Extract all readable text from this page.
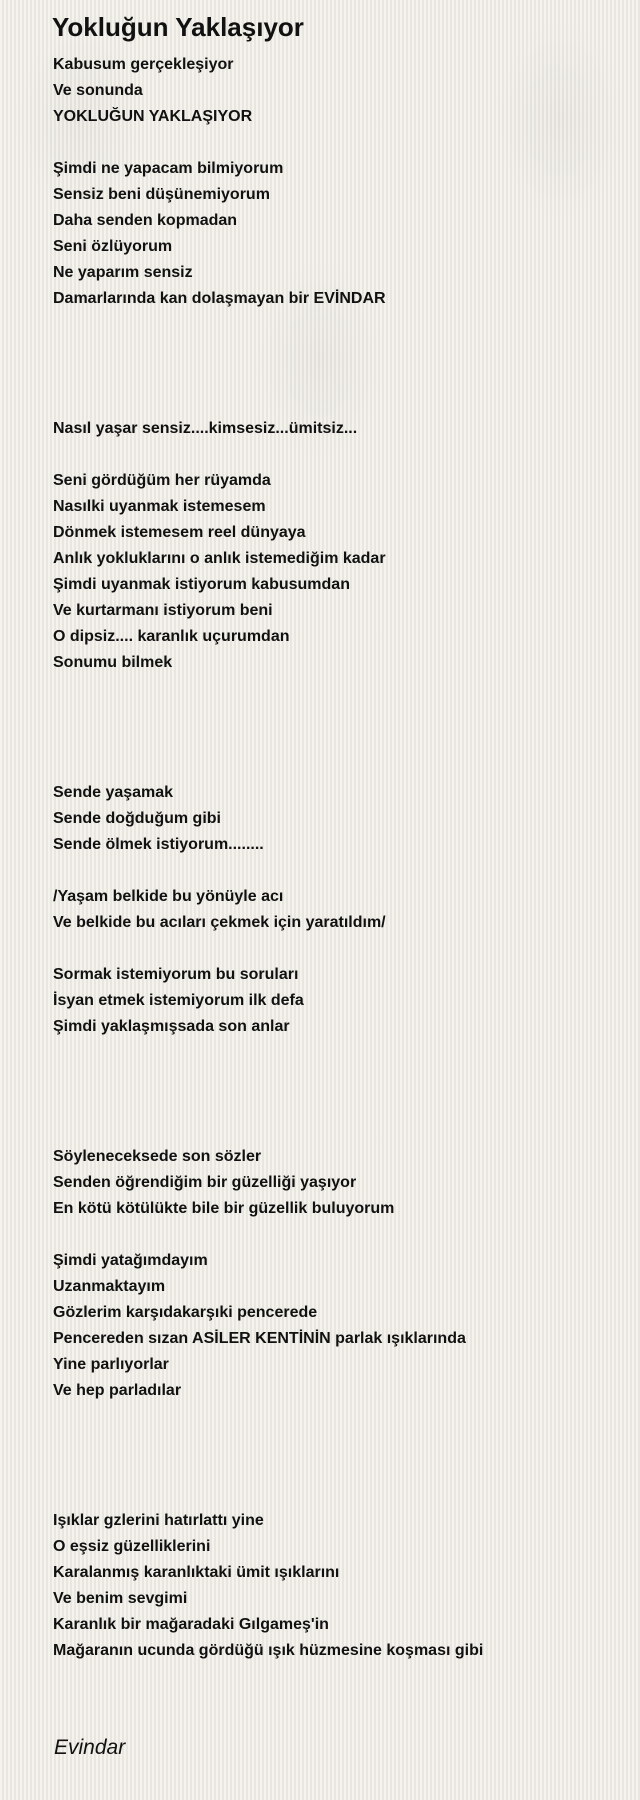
Yokluğun Yaklaşıyor
Kabusum gerçekleşiyor
Ve sonunda
YOKLUĞUN YAKLAŞIYOR
Şimdi ne yapacam bilmiyorum
Sensiz beni düşünemiyorum
Daha senden kopmadan
Seni özlüyorum
Ne yaparım sensiz
Damarlarında kan dolaşmayan bir EVİNDAR
Nasıl yaşar sensiz....kimsesiz...ümitsiz...
Seni gördüğüm her rüyamda
Nasılki uyanmak istemesem
Dönmek istemesem reel dünyaya
Anlık yokluklarını o anlık istemediğim kadar
Şimdi uyanmak istiyorum kabusumdan
Ve kurtarmanı istiyorum beni
O dipsiz.... karanlık uçurumdan
Sonumu bilmek
Sende yaşamak
Sende doğduğum gibi
Sende ölmek istiyorum........
/Yaşam belkide bu yönüyle acı
Ve belkide bu acıları çekmek için yaratıldım/
Sormak istemiyorum bu soruları
İsyan etmek istemiyorum ilk defa
Şimdi yaklaşmışsada son anlar
Söyleneceksede son sözler
Senden öğrendiğim bir güzelliği yaşıyor
En kötü kötülükte bile bir güzellik buluyorum
Şimdi yatağımdayım
Uzanmaktayım
Gözlerim karşıdakarşıki pencerede
Pencereden sızan ASİLER KENTİNİN parlak ışıklarında
Yine parlıyorlar
Ve hep parladılar
Işıklar gzlerini hatırlattı yine
O eşsiz güzelliklerini
Karalanmış karanlıktaki ümit ışıklarını
Ve benim sevgimi
Karanlık bir mağaradaki Gılgameş'in
Mağaranın ucunda gördüğü ışık hüzmesine koşması gibi
Evindar
